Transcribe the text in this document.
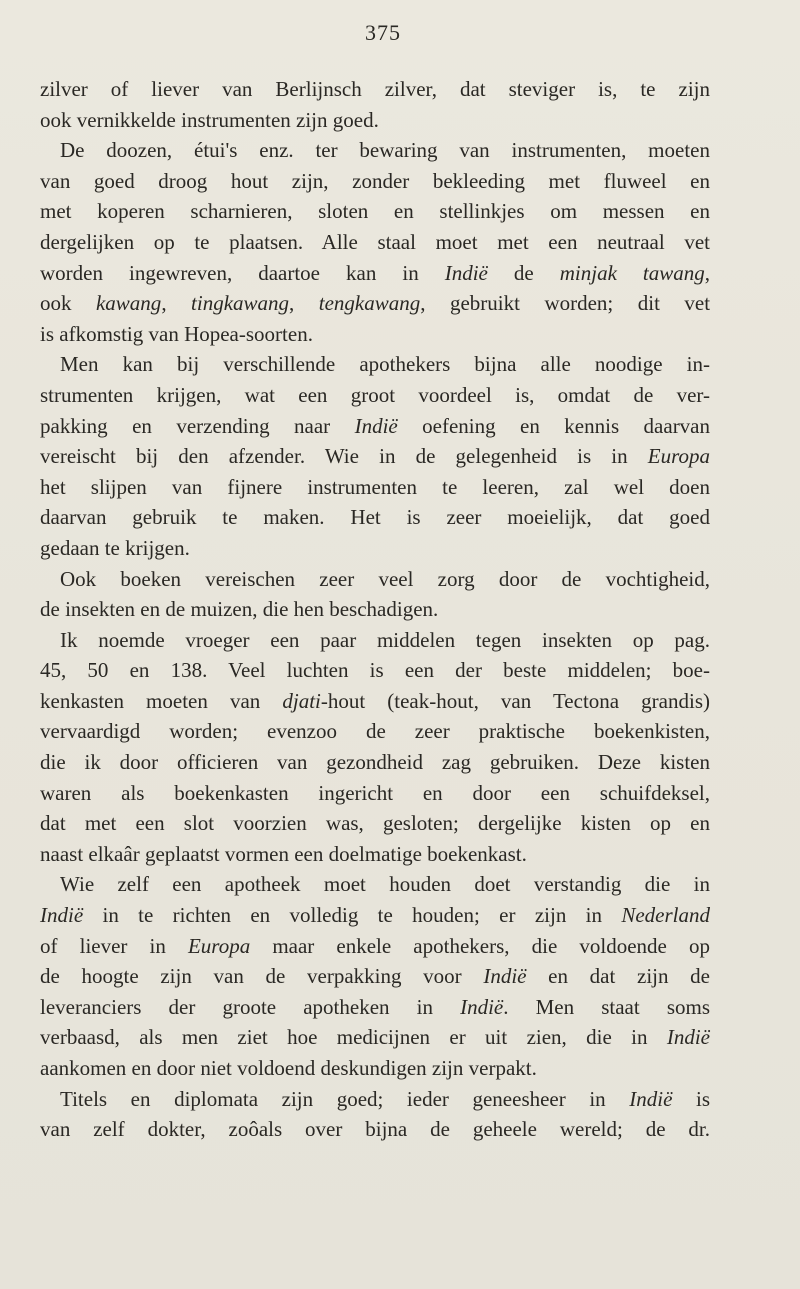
375
zilver of liever van Berlijnsch zilver, dat steviger is, te zijn
ook vernikkelde instrumenten zijn goed.
De doozen, étui's enz. ter bewaring van instrumenten, moeten
van goed droog hout zijn, zonder bekleeding met fluweel en
met koperen scharnieren, sloten en stellinkjes om messen en
dergelijken op te plaatsen. Alle staal moet met een neutraal vet
worden ingewreven, daartoe kan in Indië de minjak tawang,
ook kawang, tingkawang, tengkawang, gebruikt worden; dit vet
is afkomstig van Hopea-soorten.
Men kan bij verschillende apothekers bijna alle noodige in-
strumenten krijgen, wat een groot voordeel is, omdat de ver-
pakking en verzending naar Indië oefening en kennis daarvan
vereischt bij den afzender. Wie in de gelegenheid is in Europa
het slijpen van fijnere instrumenten te leeren, zal wel doen
daarvan gebruik te maken. Het is zeer moeielijk, dat goed
gedaan te krijgen.
Ook boeken vereischen zeer veel zorg door de vochtigheid,
de insekten en de muizen, die hen beschadigen.
Ik noemde vroeger een paar middelen tegen insekten op pag.
45, 50 en 138. Veel luchten is een der beste middelen; boe-
kenkasten moeten van djati-hout (teak-hout, van Tectona grandis)
vervaardigd worden; evenzoo de zeer praktische boekenkisten,
die ik door officieren van gezondheid zag gebruiken. Deze kisten
waren als boekenkasten ingericht en door een schuifdeksel,
dat met een slot voorzien was, gesloten; dergelijke kisten op en
naast elkaâr geplaatst vormen een doelmatige boekenkast.
Wie zelf een apotheek moet houden doet verstandig die in
Indië in te richten en volledig te houden; er zijn in Nederland
of liever in Europa maar enkele apothekers, die voldoende op
de hoogte zijn van de verpakking voor Indië en dat zijn de
leveranciers der groote apotheken in Indië. Men staat soms
verbaasd, als men ziet hoe medicijnen er uit zien, die in Indië
aankomen en door niet voldoend deskundigen zijn verpakt.
Titels en diplomata zijn goed; ieder geneesheer in Indië is
van zelf dokter, zoôals over bijna de geheele wereld; de dr.
